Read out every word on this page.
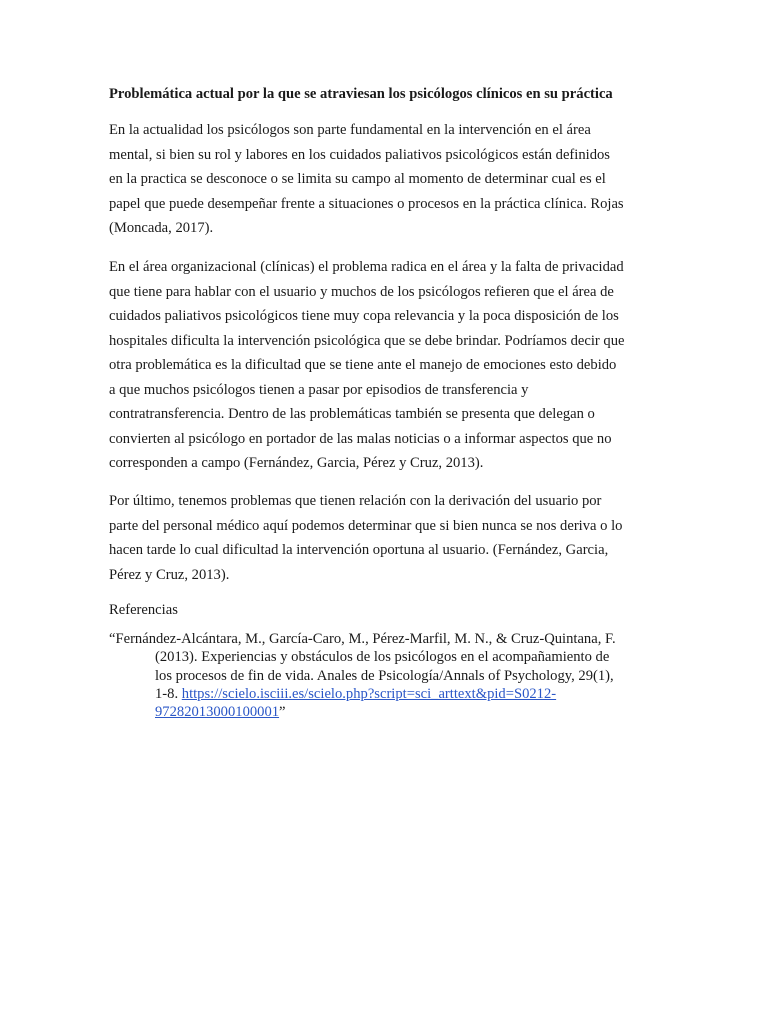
Problemática actual por la que se atraviesan los psicólogos clínicos en su práctica
En la actualidad los psicólogos son parte fundamental en la intervención en el área
mental, si bien su rol y labores en los cuidados paliativos psicológicos están definidos
en la practica se desconoce o se limita su campo al momento de determinar cual es el
papel que puede desempeñar frente a situaciones o procesos en la práctica clínica. Rojas
(Moncada, 2017).
En el área organizacional (clínicas) el problema radica en el área y la falta de privacidad
que tiene para hablar con el usuario y muchos de los psicólogos refieren que el área de
cuidados paliativos psicológicos tiene muy copa relevancia y la poca disposición de los
hospitales dificulta la intervención psicológica que se debe brindar. Podríamos decir que
otra problemática es la dificultad que se tiene ante el manejo de emociones esto debido
a que muchos psicólogos tienen a pasar por episodios de transferencia y
contratransferencia. Dentro de las problemáticas también se presenta que delegan o
convierten al psicólogo en portador de las malas noticias o a informar aspectos que no
corresponden a campo (Fernández, Garcia, Pérez y Cruz, 2013).
Por último, tenemos problemas que tienen relación con la derivación del usuario por
parte del personal médico aquí podemos determinar que si bien nunca se nos deriva o lo
hacen tarde lo cual dificultad la intervención oportuna al usuario. (Fernández, Garcia,
Pérez y Cruz, 2013).
Referencias
“Fernández-Alcántara, M., García-Caro, M., Pérez-Marfil, M. N., & Cruz-Quintana, F.
(2013). Experiencias y obstáculos de los psicólogos en el acompañamiento de
los procesos de fin de vida. Anales de Psicología/Annals of Psychology, 29(1),
1-8. https://scielo.isciii.es/scielo.php?script=sci_arttext&pid=S0212-
97282013000100001”
